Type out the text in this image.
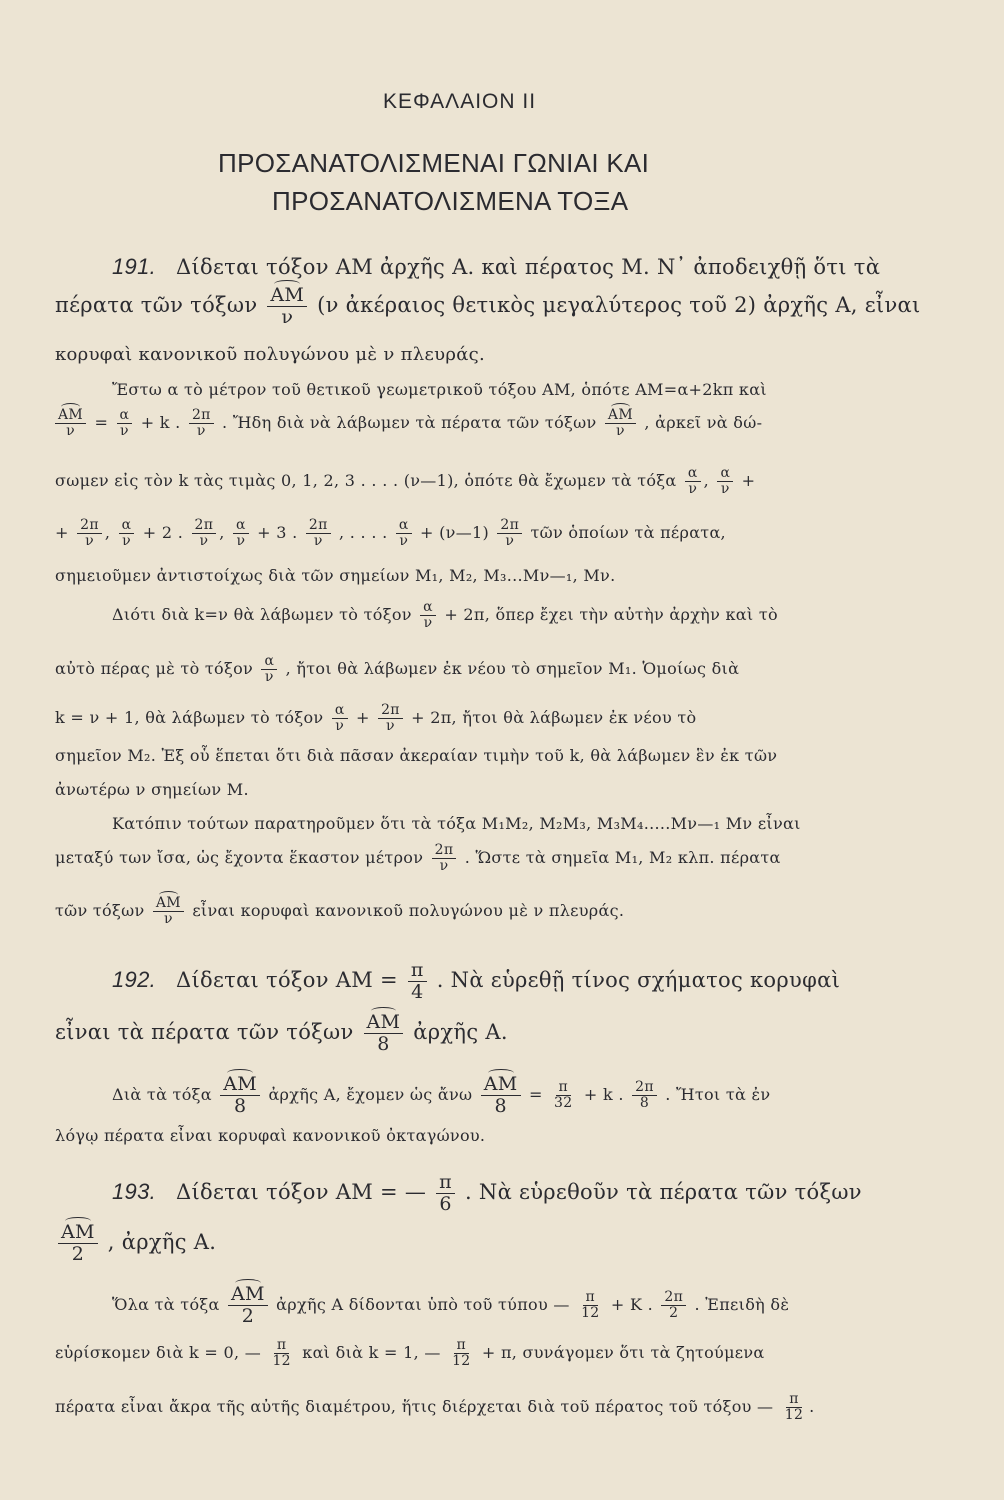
ΚΕΦΑΛΑΙΟΝ ΙΙ
ΠΡΟΣΑΝΑΤΟΛΙΣΜΕΝΑΙ ΓΩΝΙΑΙ ΚΑΙ
ΠΡΟΣΑΝΑΤΟΛΙΣΜΕΝΑ ΤΟΞΑ
191. Δίδεται τόξον ΑΜ ἀρχῆς Α. καὶ πέρατος Μ. Ν᾽ ἀποδειχθῇ ὅτι τὰ
πέρατα τῶν τόξων $\frac{AM}{\nu} (\nu$ ἀκέραιος θετικὸς μεγαλύτερος τοῦ 2) ἀρχῆς Α, εἶναι
κορυφαὶ κανονικοῦ πολυγώνου μὲ ν πλευράς.
Ἔστω α τὸ μέτρον τοῦ θετικοῦ γεωμετρικοῦ τόξου ΑΜ, ὁπότε ΑΜ=α+2kπ καὶ
$\frac{AM}{\nu} = \frac{\alpha}{\nu} + k$ . $\frac{2\pi}{\nu}$ . Ἤδη διὰ νὰ λάβωμεν τὰ πέρατα τῶν τόξων $\frac{AM}{\nu}$ , ἀρκεῖ νὰ δώ-
σωμεν εἰς τὸν k τὰς τιμὰς 0, 1, 2, 3 . . . . (ν—1), ὁπότε θὰ ἔχωμεν τὰ τόξα $\frac{\alpha}{\nu}$ , $\frac{\alpha}{\nu}$ +
+ $\frac{2\pi}{\nu}$ , $\frac{\alpha}{\nu} + 2$ . $\frac{2\pi}{\nu}$ , $\frac{\alpha}{\nu} + 3$ . $\frac{2\pi}{\nu}$ , . . . . $\frac{\alpha}{\nu}$ + (ν—1) $\frac{2\pi}{\nu}$ τῶν ὁποίων τὰ πέρατα,
σημειοῦμεν ἀντιστοίχως διὰ τῶν σημείων M₁, M₂, M₃...Mν—₁, Mν.
Διότι διὰ k=ν θὰ λάβωμεν τὸ τόξον $\frac{\alpha}{\nu} + 2\pi$, ὅπερ ἔχει τὴν αὐτὴν ἀρχὴν καὶ τὸ
αὐτὸ πέρας μὲ τὸ τόξον $\frac{\alpha}{\nu}$ , ἤτοι θὰ λάβωμεν ἐκ νέου τὸ σημεῖον M₁. Ὁμοίως διὰ
k = ν + 1, θὰ λάβωμεν τὸ τόξον $\frac{\alpha}{\nu} + \frac{2\pi}{\nu} + 2\pi$, ἤτοι θὰ λάβωμεν ἐκ νέου τὸ
σημεῖον M₂. Ἐξ οὗ ἕπεται ὅτι διὰ πᾶσαν ἀκεραίαν τιμὴν τοῦ k, θὰ λάβωμεν ἓν ἐκ τῶν
ἀνωτέρω ν σημείων Μ.
Κατόπιν τούτων παρατηροῦμεν ὅτι τὰ τόξα M₁M₂, M₂M₃, M₃M₄.....Mν—₁ Mν εἶναι
μεταξύ των ἴσα, ὡς ἔχοντα ἕκαστον μέτρον $\frac{2\pi}{\nu}$ . Ὥστε τὰ σημεῖα M₁, M₂ κλπ. πέρατα
τῶν τόξων $\frac{AM}{\nu}$ εἶναι κορυφαὶ κανονικοῦ πολυγώνου μὲ ν πλευράς.
192. Δίδεται τόξον $AM = \frac{\pi}{4}$ . Νὰ εὑρεθῇ τίνος σχήματος κορυφαὶ
εἶναι τὰ πέρατα τῶν τόξων $\frac{AM}{8}$ ἀρχῆς Α.
Διὰ τὰ τόξα $\frac{AM}{8}$ ἀρχῆς Α, ἔχομεν ὡς ἄνω $\frac{AM}{8} = \frac{\pi}{32} + k$ . $\frac{2\pi}{8}$ . Ἤτοι τὰ ἐν
λόγῳ πέρατα εἶναι κορυφαὶ κανονικοῦ ὀκταγώνου.
193. Δίδεται τόξον ΑΜ = — $\frac{\pi}{6}$ . Νὰ εὑρεθοῦν τὰ πέρατα τῶν τόξων
$\frac{AM}{2}$ , ἀρχῆς Α.
Ὅλα τὰ τόξα $\frac{AM}{2}$ ἀρχῆς Α δίδονται ὑπὸ τοῦ τύπου — $\frac{\pi}{12} + K$ . $\frac{2\pi}{2}$ . Ἐπειδὴ δὲ
εὑρίσκομεν διὰ k = 0, — $\frac{\pi}{12}$ καὶ διὰ k = 1, — $\frac{\pi}{12} + \pi$, συνάγομεν ὅτι τὰ ζητούμενα
πέρατα εἶναι ἄκρα τῆς αὐτῆς διαμέτρου, ἥτις διέρχεται διὰ τοῦ πέρατος τοῦ τόξου — $\frac{\pi}{12}$ .
